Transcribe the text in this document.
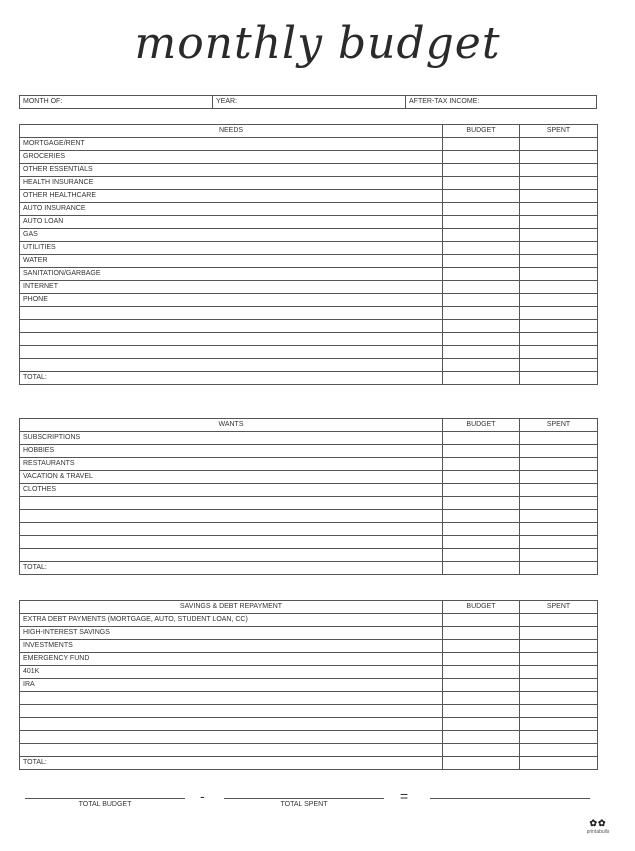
monthly budget
MONTH OF:	YEAR:	AFTER-TAX INCOME:
NEEDS	BUDGET	SPENT
MORTGAGE/RENT		
GROCERIES		
OTHER ESSENTIALS		
HEALTH INSURANCE		
OTHER HEALTHCARE		
AUTO INSURANCE		
AUTO LOAN		
GAS		
UTILITIES		
WATER		
SANITATION/GARBAGE		
INTERNET		
PHONE		

TOTAL:		
WANTS	BUDGET	SPENT
SUBSCRIPTIONS		
HOBBIES		
RESTAURANTS		
VACATION & TRAVEL		
CLOTHES		

TOTAL:		
SAVINGS & DEBT REPAYMENT	BUDGET	SPENT
EXTRA DEBT PAYMENTS (MORTGAGE, AUTO, STUDENT LOAN, CC)		
HIGH-INTEREST SAVINGS		
INVESTMENTS		
EMERGENCY FUND		
401K		
IRA		

TOTAL:		
TOTAL BUDGET
-
TOTAL SPENT
=
✿✿
printabulls
